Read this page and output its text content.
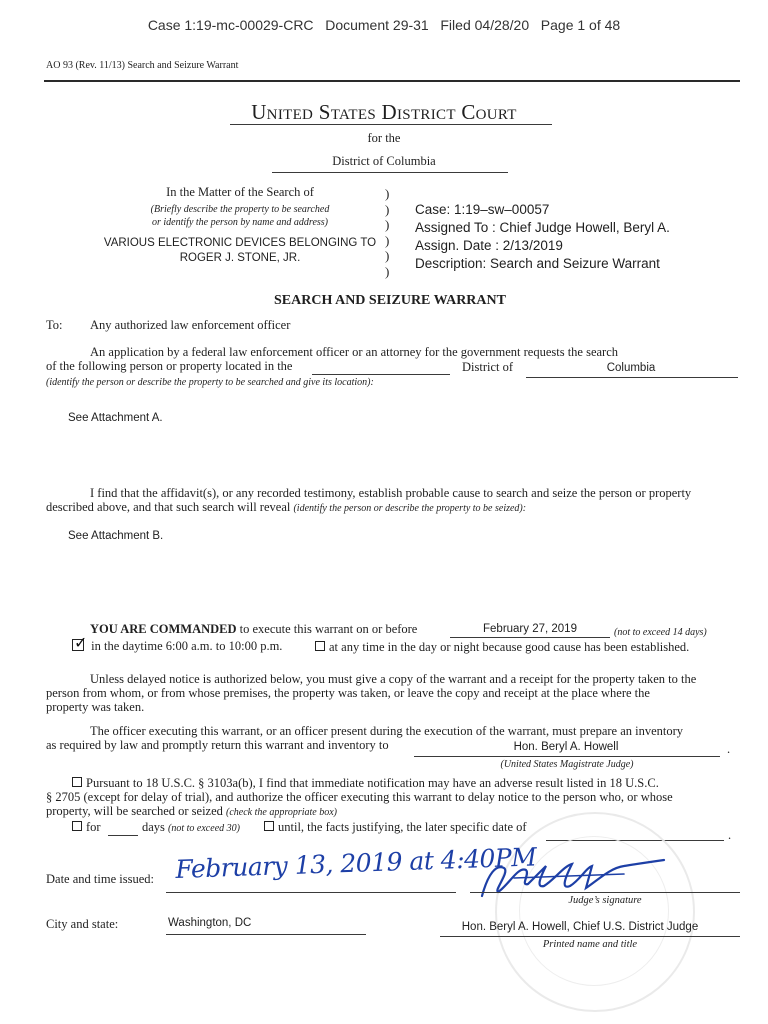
Case 1:19-mc-00029-CRC   Document 29-31   Filed 04/28/20   Page 1 of 48
AO 93 (Rev. 11/13) Search and Seizure Warrant
United States District Court
for the
District of Columbia
In the Matter of the Search of
(Briefly describe the property to be searched
or identify the person by name and address)
VARIOUS ELECTRONIC DEVICES BELONGING TO
ROGER J. STONE, JR.
)
)
)
)
)
)
Case: 1:19–sw–00057
Assigned To : Chief Judge Howell, Beryl A.
Assign. Date : 2/13/2019
Description: Search and Seizure Warrant
SEARCH AND SEIZURE WARRANT
To: Any authorized law enforcement officer
An application by a federal law enforcement officer or an attorney for the government requests the search
of the following person or property located in the	District of	Columbia
(identify the person or describe the property to be searched and give its location):
See Attachment A.
I find that the affidavit(s), or any recorded testimony, establish probable cause to search and seize the person or property
described above, and that such search will reveal (identify the person or describe the property to be seized):
See Attachment B.
YOU ARE COMMANDED to execute this warrant on or before	February 27, 2019	(not to exceed 14 days)
✓ in the daytime 6:00 a.m. to 10:00 p.m.	at any time in the day or night because good cause has been established.
Unless delayed notice is authorized below, you must give a copy of the warrant and a receipt for the property taken to the
person from whom, or from whose premises, the property was taken, or leave the copy and receipt at the place where the
property was taken.
The officer executing this warrant, or an officer present during the execution of the warrant, must prepare an inventory
as required by law and promptly return this warrant and inventory to	Hon. Beryl A. Howell	.
(United States Magistrate Judge)
Pursuant to 18 U.S.C. § 3103a(b), I find that immediate notification may have an adverse result listed in 18 U.S.C.
§ 2705 (except for delay of trial), and authorize the officer executing this warrant to delay notice to the person who, or whose
property, will be searched or seized (check the appropriate box)
for	days (not to exceed 30)	until, the facts justifying, the later specific date of
.
Date and time issued: February 13, 2019 at 4:40PM
Judge’s signature
City and state:	Washington, DC	Hon. Beryl A. Howell, Chief U.S. District Judge
Printed name and title
